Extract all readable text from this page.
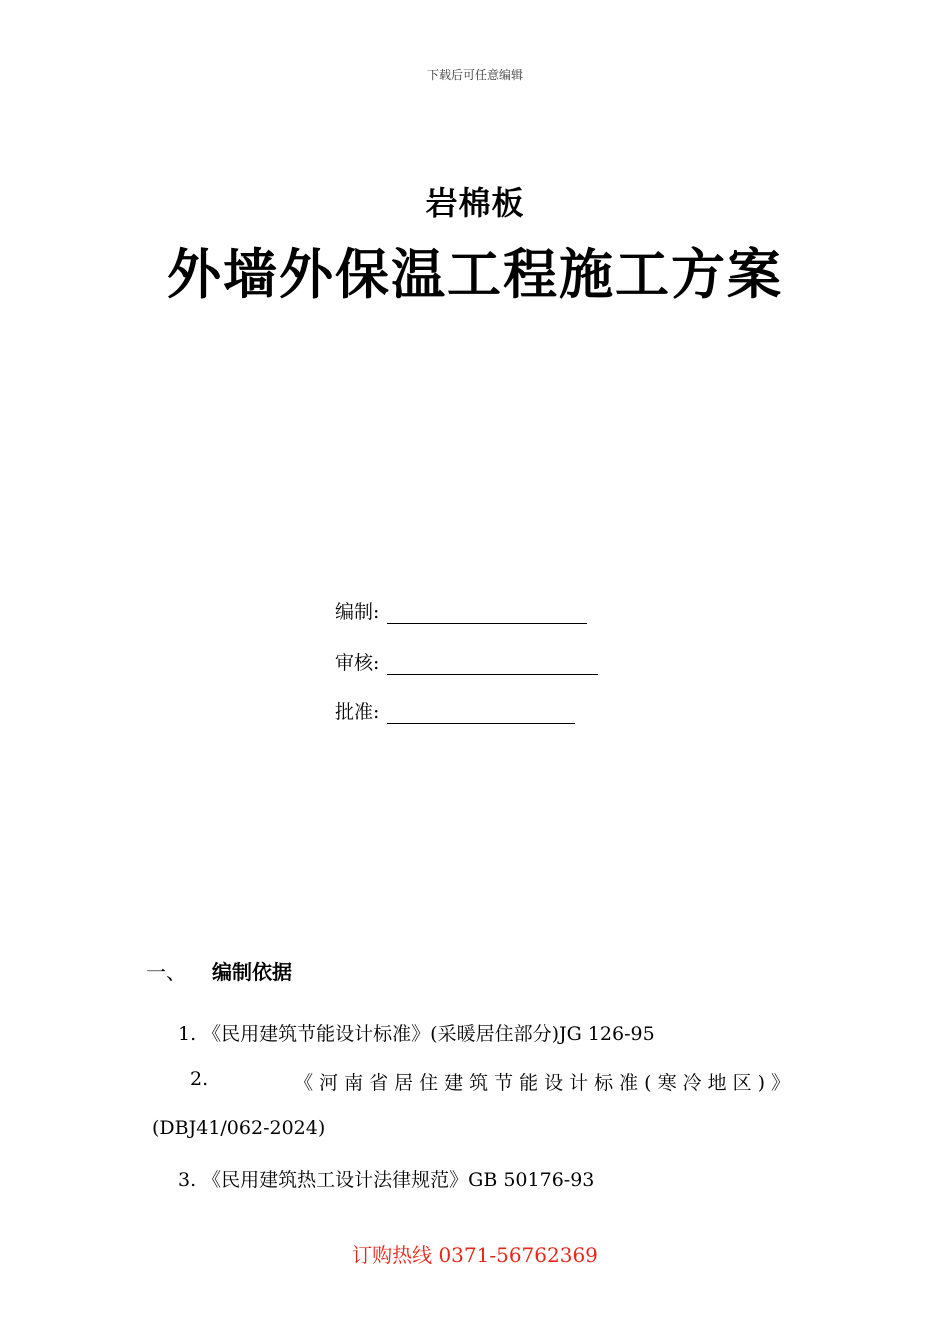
下载后可任意编辑
岩棉板
外墙外保温工程施工方案
编制:
审核:
批准:
一、	编制依据
1. 《民用建筑节能设计标准》(采暖居住部分)JG 126-95
2.	《河南省居住建筑节能设计标准(寒冷地区)》
(DBJ41/062-2024)
3. 《民用建筑热工设计法律规范》GB 50176-93
订购热线 0371-56762369
